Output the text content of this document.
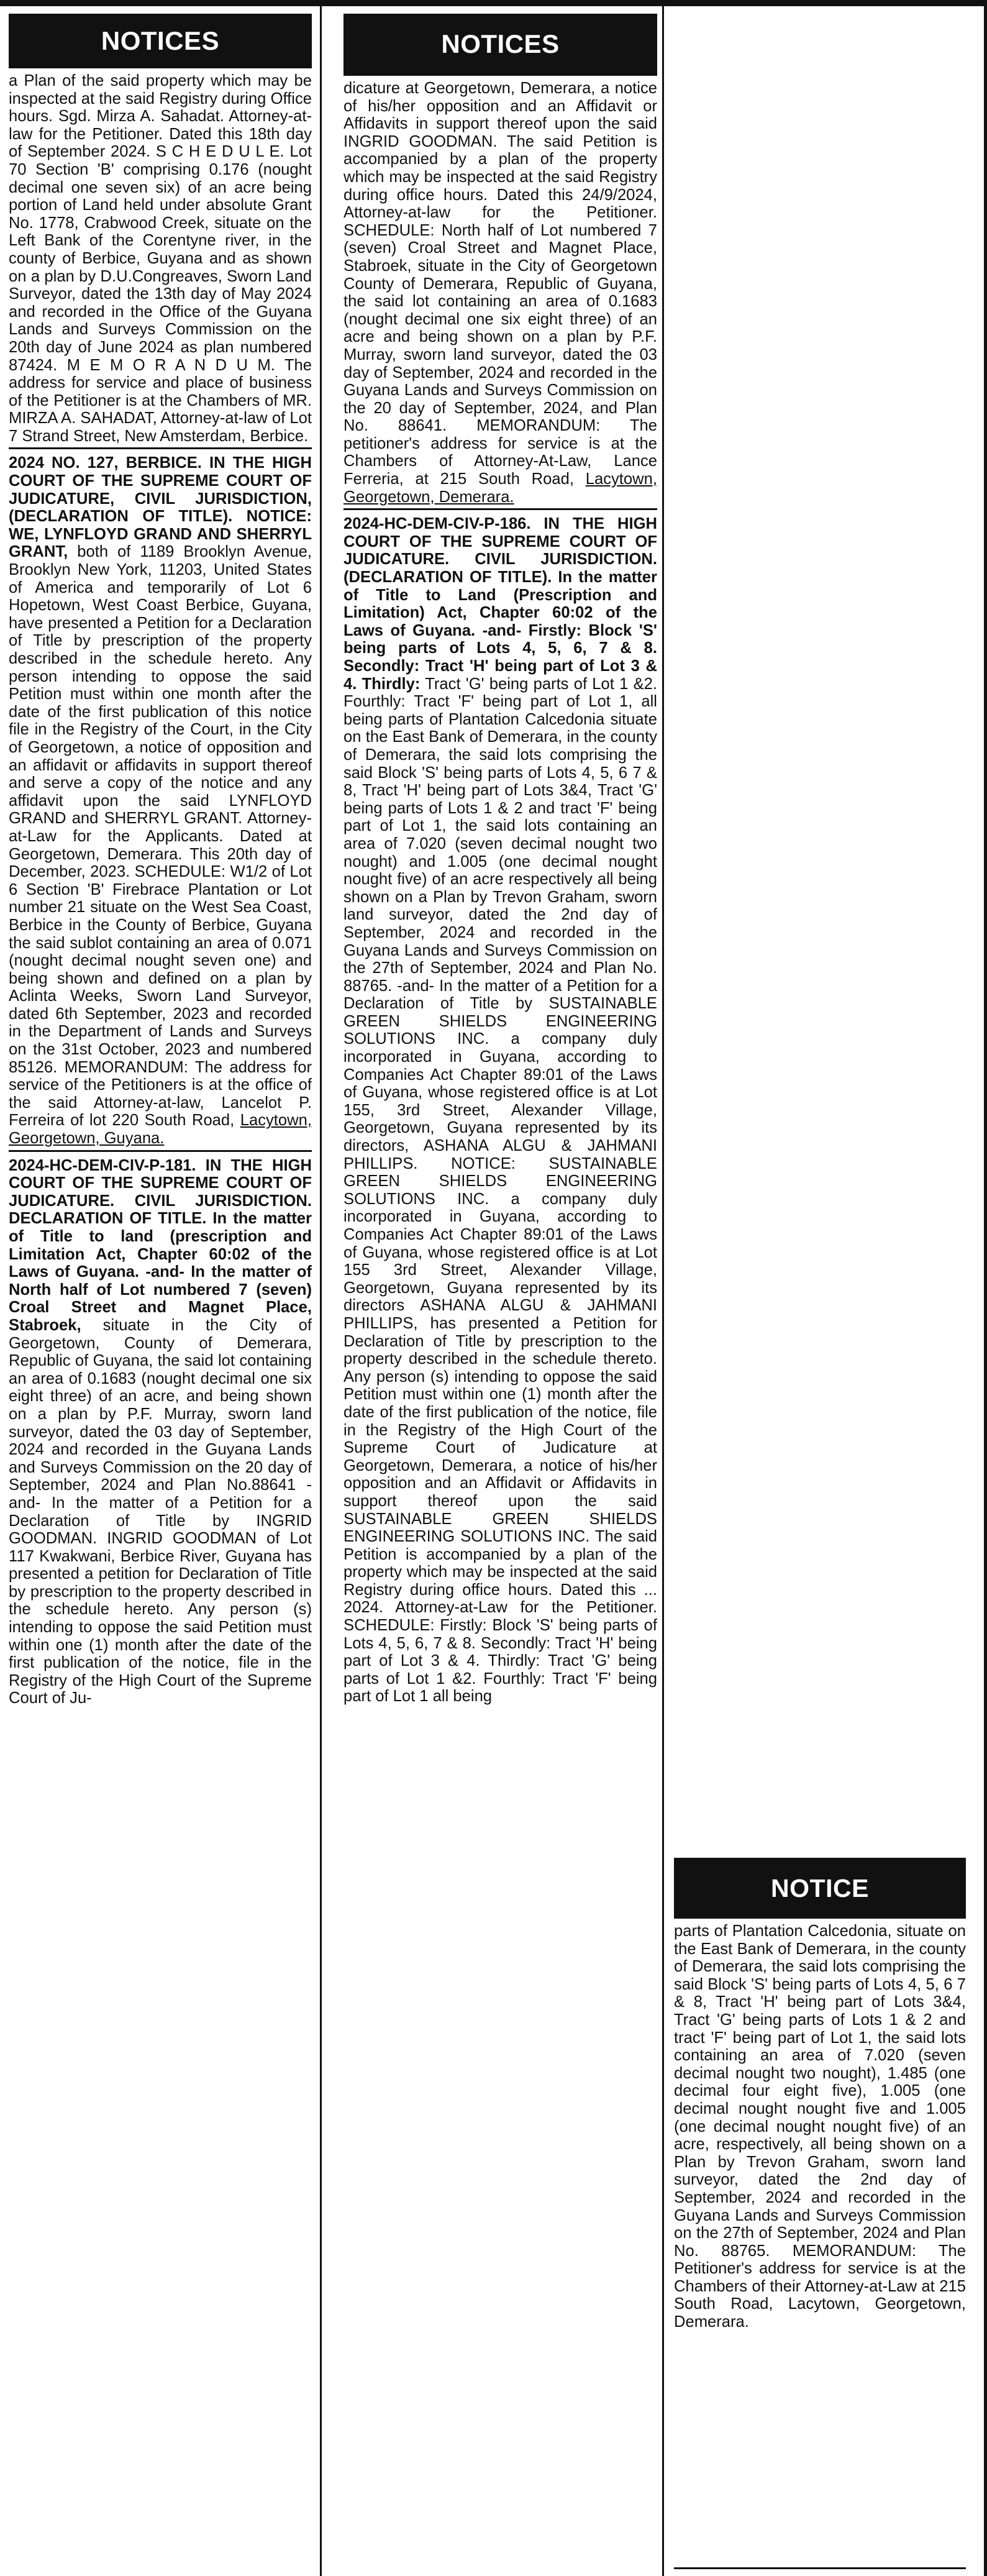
NOTICES

a Plan of the said property which may be inspected at the said Registry during Office hours. Sgd. Mirza A. Sahadat. Attorney-at-law for the Petitioner. Dated this 18th day of September 2024. S C H E D U L E. Lot 70 Section 'B' comprising 0.176 (nought decimal one seven six) of an acre being portion of Land held under absolute Grant No. 1778, Crabwood Creek, situate on the Left Bank of the Corentyne river, in the county of Berbice, Guyana and as shown on a plan by D.U.Congreaves, Sworn Land Surveyor, dated the 13th day of May 2024 and recorded in the Office of the Guyana Lands and Surveys Commission on the 20th day of June 2024 as plan numbered 87424. M E M O R A N D U M. The address for service and place of business of the Petitioner is at the Chambers of MR. MIRZA A. SAHADAT, Attorney-at-law of Lot 7 Strand Street, New Amsterdam, Berbice.

2024 NO. 127, BERBICE. IN THE HIGH COURT OF THE SUPREME COURT OF JUDICATURE, CIVIL JURISDICTION, (DECLARATION OF TITLE). NOTICE: WE, LYNFLOYD GRAND AND SHERRYL GRANT, both of 1189 Brooklyn Avenue, Brooklyn New York, 11203, United States of America and temporarily of Lot 6 Hopetown, West Coast Berbice, Guyana, have presented a Petition for a Declaration of Title by prescription of the property described in the schedule hereto. Any person intending to oppose the said Petition must within one month after the date of the first publication of this notice file in the Registry of the Court, in the City of Georgetown, a notice of opposition and an affidavit or affidavits in support thereof and serve a copy of the notice and any affidavit upon the said LYNFLOYD GRAND and SHERRYL GRANT. Attorney-at-Law for the Applicants. Dated at Georgetown, Demerara. This 20th day of December, 2023. SCHEDULE: W1/2 of Lot 6 Section 'B' Firebrace Plantation or Lot number 21 situate on the West Sea Coast, Berbice in the County of Berbice, Guyana the said sublot containing an area of 0.071 (nought decimal nought seven one) and being shown and defined on a plan by Aclinta Weeks, Sworn Land Surveyor, dated 6th September, 2023 and recorded in the Department of Lands and Surveys on the 31st October, 2023 and numbered 85126. MEMORANDUM: The address for service of the Petitioners is at the office of the said Attorney-at-law, Lancelot P. Ferreira of lot 220 South Road, Lacytown, Georgetown, Guyana.

2024-HC-DEM-CIV-P-181. IN THE HIGH COURT OF THE SUPREME COURT OF JUDICATURE. CIVIL JURISDICTION. DECLARATION OF TITLE. In the matter of Title to land (prescription and Limitation Act, Chapter 60:02 of the Laws of Guyana. -and- In the matter of North half of Lot numbered 7 (seven) Croal Street and Magnet Place, Stabroek, situate in the City of Georgetown, County of Demerara, Republic of Guyana, the said lot containing an area of 0.1683 (nought decimal one six eight three) of an acre, and being shown on a plan by P.F. Murray, sworn land surveyor, dated the 03 day of September, 2024 and recorded in the Guyana Lands and Surveys Commission on the 20 day of September, 2024 and Plan No.88641 -and- In the matter of a Petition for a Declaration of Title by INGRID GOODMAN. INGRID GOODMAN of Lot 117 Kwakwani, Berbice River, Guyana has presented a petition for Declaration of Title by prescription to the property described in the schedule hereto. Any person (s) intending to oppose the said Petition must within one (1) month after the date of the first publication of the notice, file in the Registry of the High Court of the Supreme Court of Ju-

NOTICES

dicature at Georgetown, Demerara, a notice of his/her opposition and an Affidavit or Affidavits in support thereof upon the said INGRID GOODMAN. The said Petition is accompanied by a plan of the property which may be inspected at the said Registry during office hours. Dated this 24/9/2024, Attorney-at-law for the Petitioner. SCHEDULE: North half of Lot numbered 7 (seven) Croal Street and Magnet Place, Stabroek, situate in the City of Georgetown County of Demerara, Republic of Guyana, the said lot containing an area of 0.1683 (nought decimal one six eight three) of an acre and being shown on a plan by P.F. Murray, sworn land surveyor, dated the 03 day of September, 2024 and recorded in the Guyana Lands and Surveys Commission on the 20 day of September, 2024, and Plan No. 88641. MEMORANDUM: The petitioner's address for service is at the Chambers of Attorney-At-Law, Lance Ferreria, at 215 South Road, Lacytown, Georgetown, Demerara.

2024-HC-DEM-CIV-P-186. IN THE HIGH COURT OF THE SUPREME COURT OF JUDICATURE. CIVIL JURISDICTION. (DECLARATION OF TITLE). In the matter of Title to Land (Prescription and Limitation) Act, Chapter 60:02 of the Laws of Guyana. -and- Firstly: Block 'S' being parts of Lots 4, 5, 6, 7 & 8. Secondly: Tract 'H' being part of Lot 3 & 4. Thirdly: Tract 'G' being parts of Lot 1 &2. Fourthly: Tract 'F' being part of Lot 1, all being parts of Plantation Calcedonia situate on the East Bank of Demerara, in the county of Demerara, the said lots comprising the said Block 'S' being parts of Lots 4, 5, 6 7 & 8, Tract 'H' being part of Lots 3&4, Tract 'G' being parts of Lots 1 & 2 and tract 'F' being part of Lot 1, the said lots containing an area of 7.020 (seven decimal nought two nought) and 1.005 (one decimal nought nought five) of an acre respectively all being shown on a Plan by Trevon Graham, sworn land surveyor, dated the 2nd day of September, 2024 and recorded in the Guyana Lands and Surveys Commission on the 27th of September, 2024 and Plan No. 88765. -and- In the matter of a Petition for a Declaration of Title by SUSTAINABLE GREEN SHIELDS ENGINEERING SOLUTIONS INC. a company duly incorporated in Guyana, according to Companies Act Chapter 89:01 of the Laws of Guyana, whose registered office is at Lot 155, 3rd Street, Alexander Village, Georgetown, Guyana represented by its directors, ASHANA ALGU & JAHMANI PHILLIPS. NOTICE: SUSTAINABLE GREEN SHIELDS ENGINEERING SOLUTIONS INC. a company duly incorporated in Guyana, according to Companies Act Chapter 89:01 of the Laws of Guyana, whose registered office is at Lot 155 3rd Street, Alexander Village, Georgetown, Guyana represented by its directors ASHANA ALGU & JAHMANI PHILLIPS, has presented a Petition for Declaration of Title by prescription to the property described in the schedule thereto. Any person (s) intending to oppose the said Petition must within one (1) month after the date of the first publication of the notice, file in the Registry of the High Court of the Supreme Court of Judicature at Georgetown, Demerara, a notice of his/her opposition and an Affidavit or Affidavits in support thereof upon the said SUSTAINABLE GREEN SHIELDS ENGINEERING SOLUTIONS INC. The said Petition is accompanied by a plan of the property which may be inspected at the said Registry during office hours. Dated this ... 2024. Attorney-at-Law for the Petitioner. SCHEDULE: Firstly: Block 'S' being parts of Lots 4, 5, 6, 7 & 8. Secondly: Tract 'H' being part of Lot 3 & 4. Thirdly: Tract 'G' being parts of Lot 1 &2. Fourthly: Tract 'F' being part of Lot 1 all being

NOTICE

parts of Plantation Calcedonia, situate on the East Bank of Demerara, in the county of Demerara, the said lots comprising the said Block 'S' being parts of Lots 4, 5, 6 7 & 8, Tract 'H' being part of Lots 3&4, Tract 'G' being parts of Lots 1 & 2 and tract 'F' being part of Lot 1, the said lots containing an area of 7.020 (seven decimal nought two nought), 1.485 (one decimal four eight five), 1.005 (one decimal nought nought five and 1.005 (one decimal nought nought five) of an acre, respectively, all being shown on a Plan by Trevon Graham, sworn land surveyor, dated the 2nd day of September, 2024 and recorded in the Guyana Lands and Surveys Commission on the 27th of September, 2024 and Plan No. 88765. MEMORANDUM: The Petitioner's address for service is at the Chambers of their Attorney-at-Law at 215 South Road, Lacytown, Georgetown, Demerara.
